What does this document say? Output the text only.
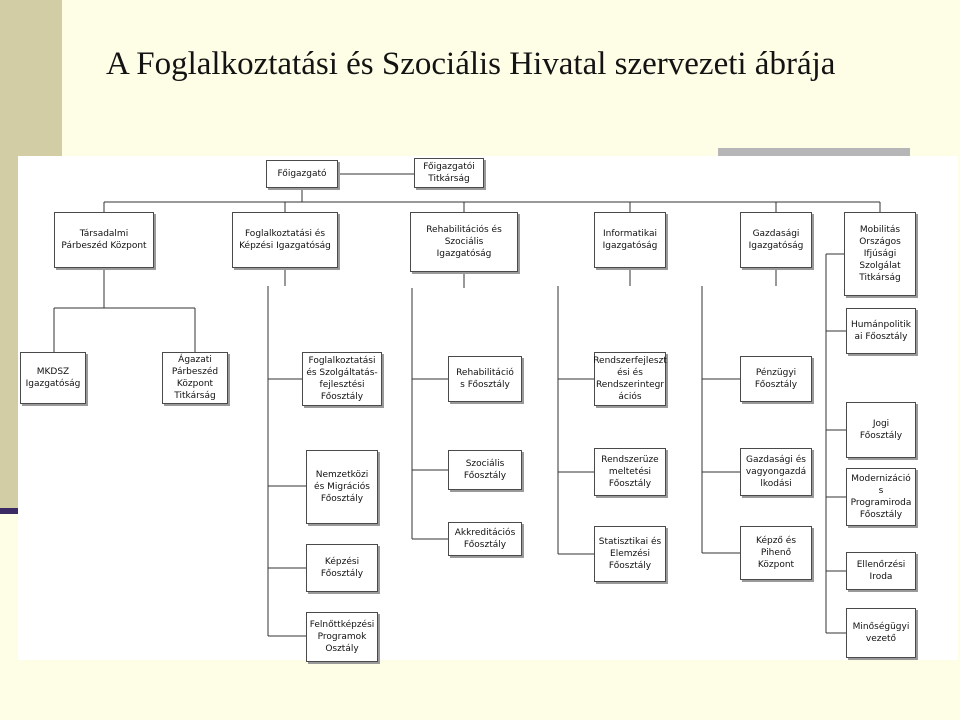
A Foglalkoztatási és Szociális Hivatal szervezeti ábrája
Főigazgató
Főigazgatói
Titkárság
Társadalmi
Párbeszéd Központ
Foglalkoztatási és
Képzési Igazgatóság
Rehabilitációs és
Szociális
Igazgatóság
Informatikai
Igazgatóság
Gazdasági
Igazgatóság
Mobilitás
Országos
Ifjúsági
Szolgálat
Titkárság
MKDSZ
Igazgatóság
Ágazati
Párbeszéd
Központ
Titkárság
Foglalkoztatási
és Szolgáltatás-
fejlesztési
Főosztály
Nemzetközi
és Migrációs
Főosztály
Képzési
Főosztály
Felnőttképzési
Programok
Osztály
Rehabilitáció
s Főosztály
Szociális
Főosztály
Akkreditációs
Főosztály
Rendszerfejleszt
ési és
Rendszerintegr
ációs
Rendszerüze
meltetési
Főosztály
Statisztikai és
Elemzési
Főosztály
Pénzügyi
Főosztály
Gazdasági és
vagyongazdá
lkodási
Képző és
Pihenő
Központ
Humánpolitik
ai Főosztály
Jogi
Főosztály
Modernizáció
s
Programiroda
Főosztály
Ellenőrzési
Iroda
Minőségügyi
vezető
